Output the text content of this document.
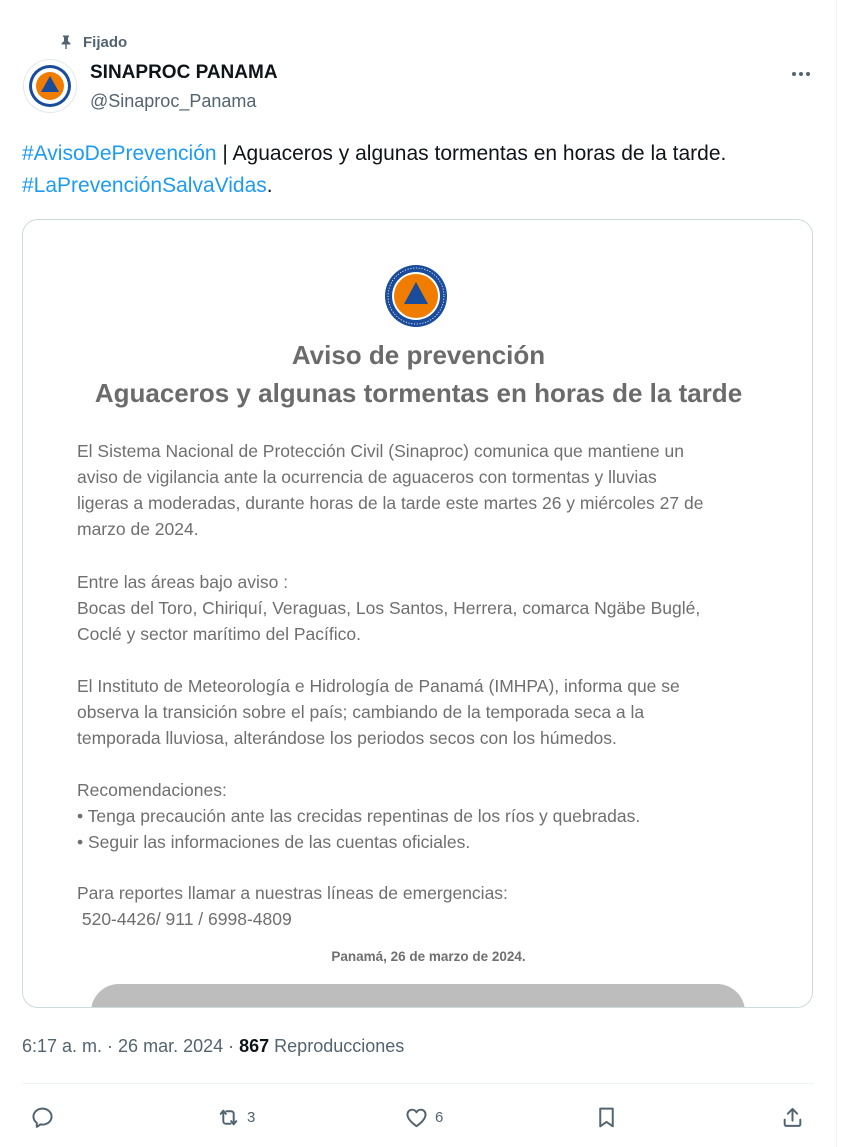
Fijado
SINAPROC PANAMA
@Sinaproc_Panama
#AvisoDePrevención | Aguaceros y algunas tormentas en horas de la tarde.
#LaPrevenciónSalvaVidas.
Aviso de prevención
Aguaceros y algunas tormentas en horas de la tarde
El Sistema Nacional de Protección Civil (Sinaproc) comunica que mantiene un
aviso de vigilancia ante la ocurrencia de aguaceros con tormentas y lluvias
ligeras a moderadas, durante horas de la tarde este martes 26 y miércoles 27 de
marzo de 2024.
Entre las áreas bajo aviso :
Bocas del Toro, Chiriquí, Veraguas, Los Santos, Herrera, comarca Ngäbe Buglé,
Coclé y sector marítimo del Pacífico.
El Instituto de Meteorología e Hidrología de Panamá (IMHPA), informa que se
observa la transición sobre el país; cambiando de la temporada seca a la
temporada lluviosa, alterándose los periodos secos con los húmedos.
Recomendaciones:
• Tenga precaución ante las crecidas repentinas de los ríos y quebradas.
• Seguir las informaciones de las cuentas oficiales.
Para reportes llamar a nuestras líneas de emergencias:
520-4426/ 911 / 6998-4809
Panamá, 26 de marzo de 2024.
6:17 a. m. · 26 mar. 2024 · 867 Reproducciones
3	6
